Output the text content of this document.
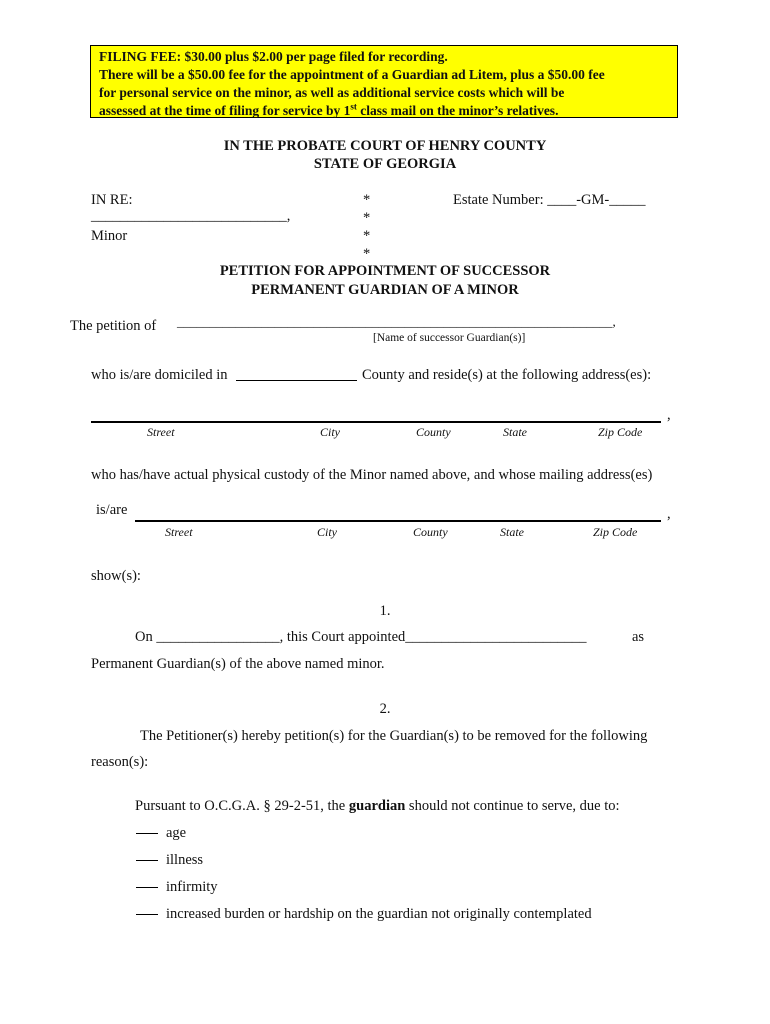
FILING FEE: $30.00 plus $2.00 per page filed for recording.
There will be a $50.00 fee for the appointment of a Guardian ad Litem, plus a $50.00 fee
for personal service on the minor, as well as additional service costs which will be
assessed at the time of filing for service by 1st class mail on the minor’s relatives.
IN THE PROBATE COURT OF HENRY COUNTY
STATE OF GEORGIA
IN RE:
___________________________,
Minor
*
*
*
*
Estate Number: ____-GM-_____
PETITION FOR APPOINTMENT OF SUCCESSOR
PERMANENT GUARDIAN OF A MINOR
The petition of ___________________________________________________________________,
[Name of successor Guardian(s)]
who is/are domiciled in	County and reside(s) at the following address(es):
,
Street	City	County	State	Zip Code
who has/have actual physical custody of the Minor named above, and whose mailing address(es)
is/are	,
Street	City	County	State	Zip Code
show(s):
1.
On _________________, this Court appointed_________________________	as
Permanent Guardian(s) of the above named minor.
2.
The Petitioner(s) hereby petition(s) for the Guardian(s) to be removed for the following
reason(s):
Pursuant to O.C.G.A. § 29-2-51, the guardian should not continue to serve, due to:
age
illness
infirmity
increased burden or hardship on the guardian not originally contemplated
